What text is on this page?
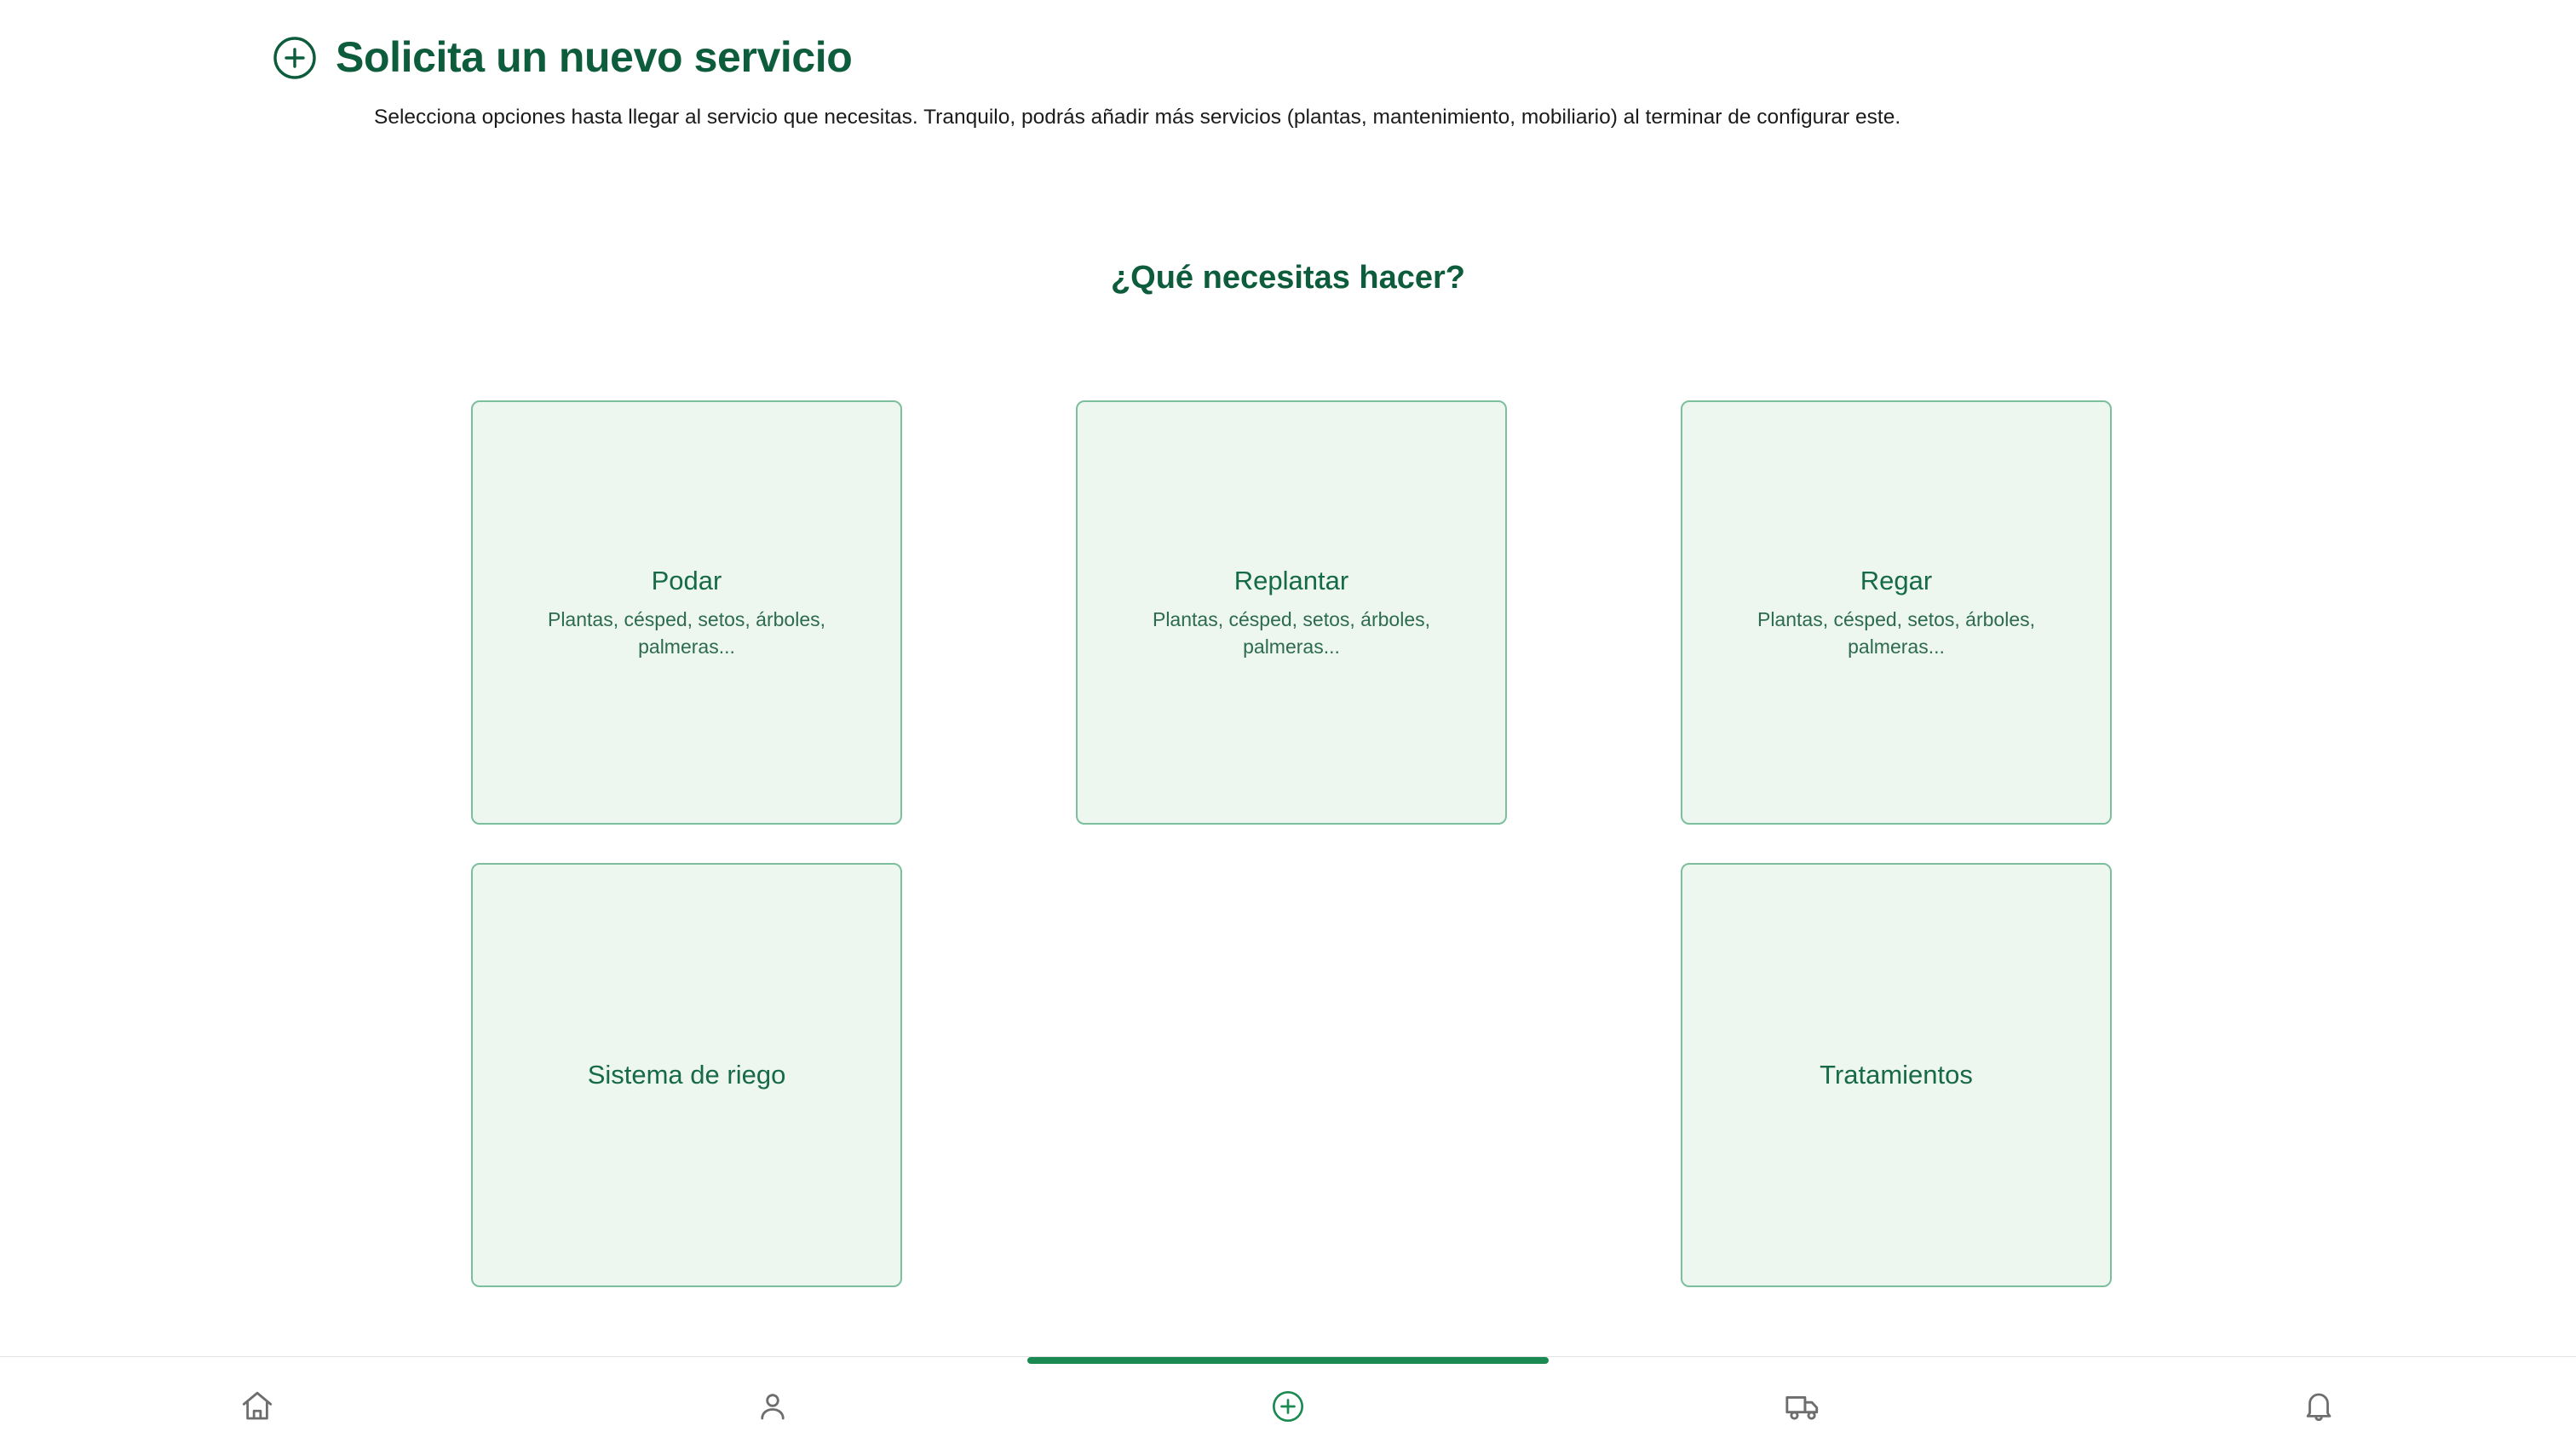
Solicita un nuevo servicio

Selecciona opciones hasta llegar al servicio que necesitas. Tranquilo, podrás añadir más servicios (plantas, mantenimiento, mobiliario) al terminar de configurar este.

¿Qué necesitas hacer?
Podar
Plantas, césped, setos, árboles, palmeras...
Replantar
Plantas, césped, setos, árboles, palmeras...
Regar
Plantas, césped, setos, árboles, palmeras...
Sistema de riego	Tratamientos
